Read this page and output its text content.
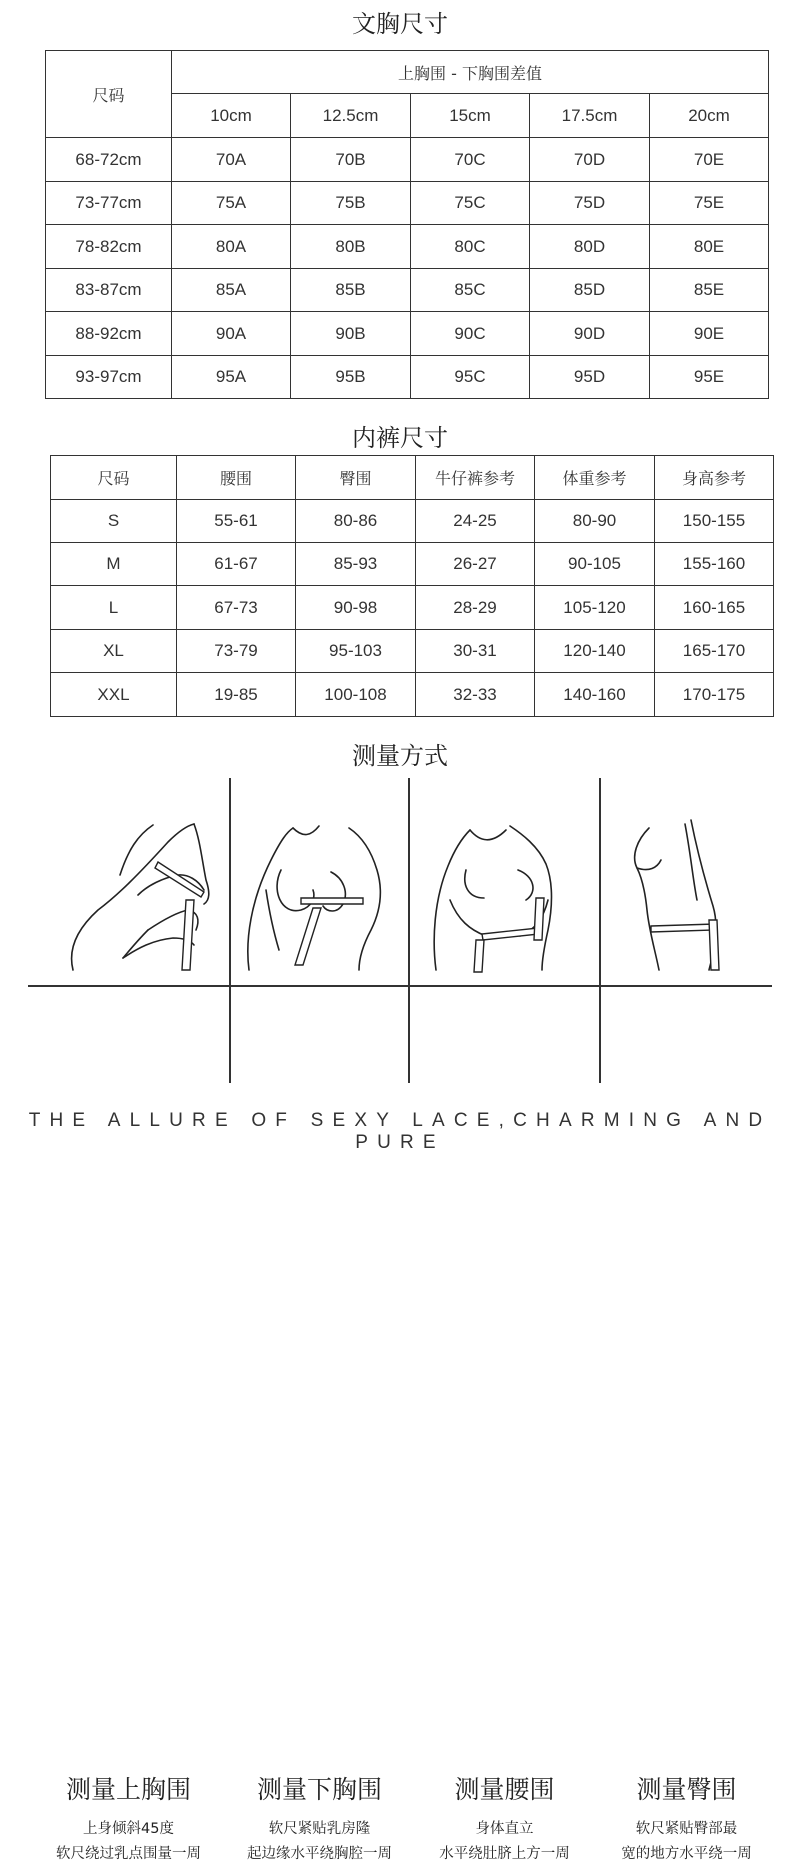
文胸尺寸
尺码	上胸围 - 下胸围差值				
	10cm	12.5cm	15cm	17.5cm	20cm
68-72cm	70A	70B	70C	70D	70E
73-77cm	75A	75B	75C	75D	75E
78-82cm	80A	80B	80C	80D	80E
83-87cm	85A	85B	85C	85D	85E
88-92cm	90A	90B	90C	90D	90E
93-97cm	95A	95B	95C	95D	95E
内裤尺寸
尺码	腰围	臀围	牛仔裤参考	体重参考	身高参考
S	55-61	80-86	24-25	80-90	150-155
M	61-67	85-93	26-27	90-105	155-160
L	67-73	90-98	28-29	105-120	160-165
XL	73-79	95-103	30-31	120-140	165-170
XXL	19-85	100-108	32-33	140-160	170-175
测量方式
测量上胸围
上身倾斜45度
软尺绕过乳点围量一周
测量下胸围
软尺紧贴乳房隆
起边缘水平绕胸腔一周
测量腰围
身体直立
水平绕肚脐上方一周
测量臀围
软尺紧贴臀部最
宽的地方水平绕一周
THE ALLURE OF SEXY LACE,CHARMING AND PURE
